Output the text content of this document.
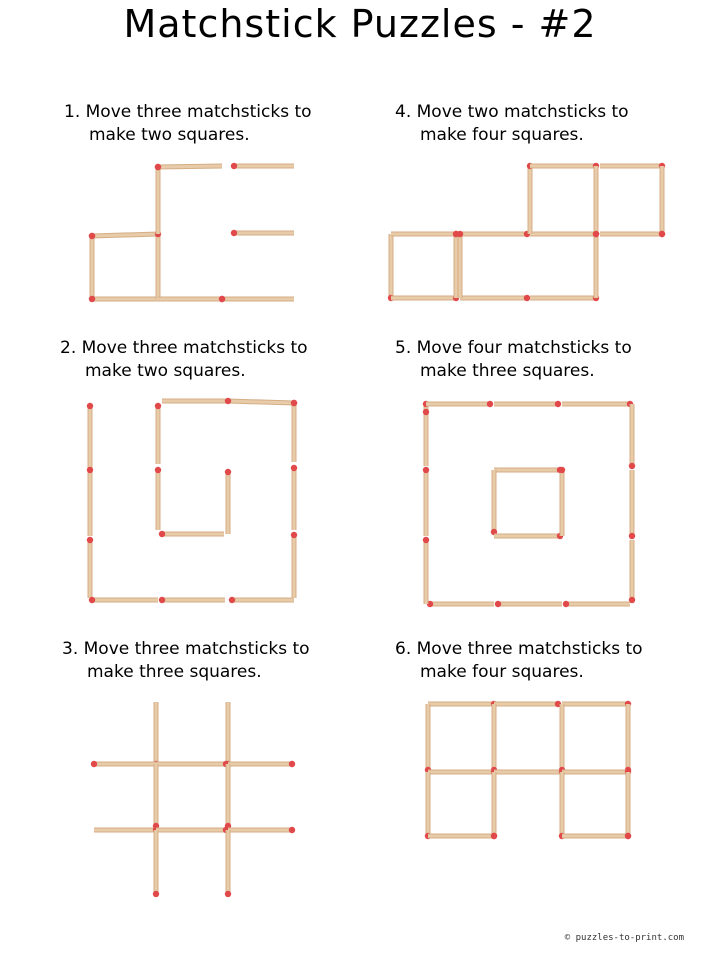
Matchstick Puzzles - #2

1. Move three matchsticks to
make two squares.

2. Move three matchsticks to
make two squares.

3. Move three matchsticks to
make three squares.

4. Move two matchsticks to
make four squares.

5. Move four matchsticks to
make three squares.

6. Move three matchsticks to
make four squares.

© puzzles-to-print.com
